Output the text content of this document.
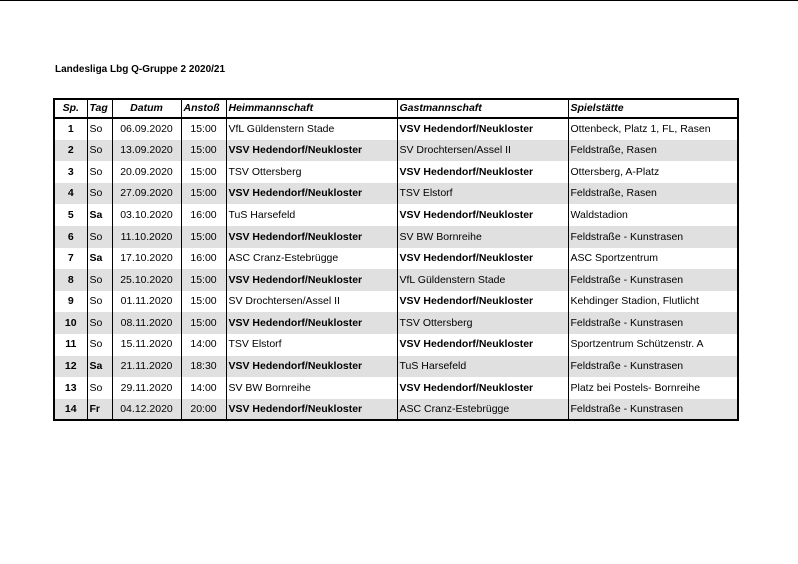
Landesliga Lbg Q-Gruppe 2 2020/21
Sp.	Tag	Datum	Anstoß	Heimmannschaft	Gastmannschaft	Spielstätte
1	So	06.09.2020	15:00	VfL Güldenstern Stade	VSV Hedendorf/Neukloster	Ottenbeck, Platz 1, FL, Rasen
2	So	13.09.2020	15:00	VSV Hedendorf/Neukloster	SV Drochtersen/Assel II	Feldstraße, Rasen
3	So	20.09.2020	15:00	TSV Ottersberg	VSV Hedendorf/Neukloster	Ottersberg, A-Platz
4	So	27.09.2020	15:00	VSV Hedendorf/Neukloster	TSV Elstorf	Feldstraße, Rasen
5	Sa	03.10.2020	16:00	TuS Harsefeld	VSV Hedendorf/Neukloster	Waldstadion
6	So	11.10.2020	15:00	VSV Hedendorf/Neukloster	SV BW Bornreihe	Feldstraße - Kunstrasen
7	Sa	17.10.2020	16:00	ASC Cranz-Estebrügge	VSV Hedendorf/Neukloster	ASC Sportzentrum
8	So	25.10.2020	15:00	VSV Hedendorf/Neukloster	VfL Güldenstern Stade	Feldstraße - Kunstrasen
9	So	01.11.2020	15:00	SV Drochtersen/Assel II	VSV Hedendorf/Neukloster	Kehdinger Stadion, Flutlicht
10	So	08.11.2020	15:00	VSV Hedendorf/Neukloster	TSV Ottersberg	Feldstraße - Kunstrasen
11	So	15.11.2020	14:00	TSV Elstorf	VSV Hedendorf/Neukloster	Sportzentrum Schützenstr. A
12	Sa	21.11.2020	18:30	VSV Hedendorf/Neukloster	TuS Harsefeld	Feldstraße - Kunstrasen
13	So	29.11.2020	14:00	SV BW Bornreihe	VSV Hedendorf/Neukloster	Platz bei Postels- Bornreihe
14	Fr	04.12.2020	20:00	VSV Hedendorf/Neukloster	ASC Cranz-Estebrügge	Feldstraße - Kunstrasen
